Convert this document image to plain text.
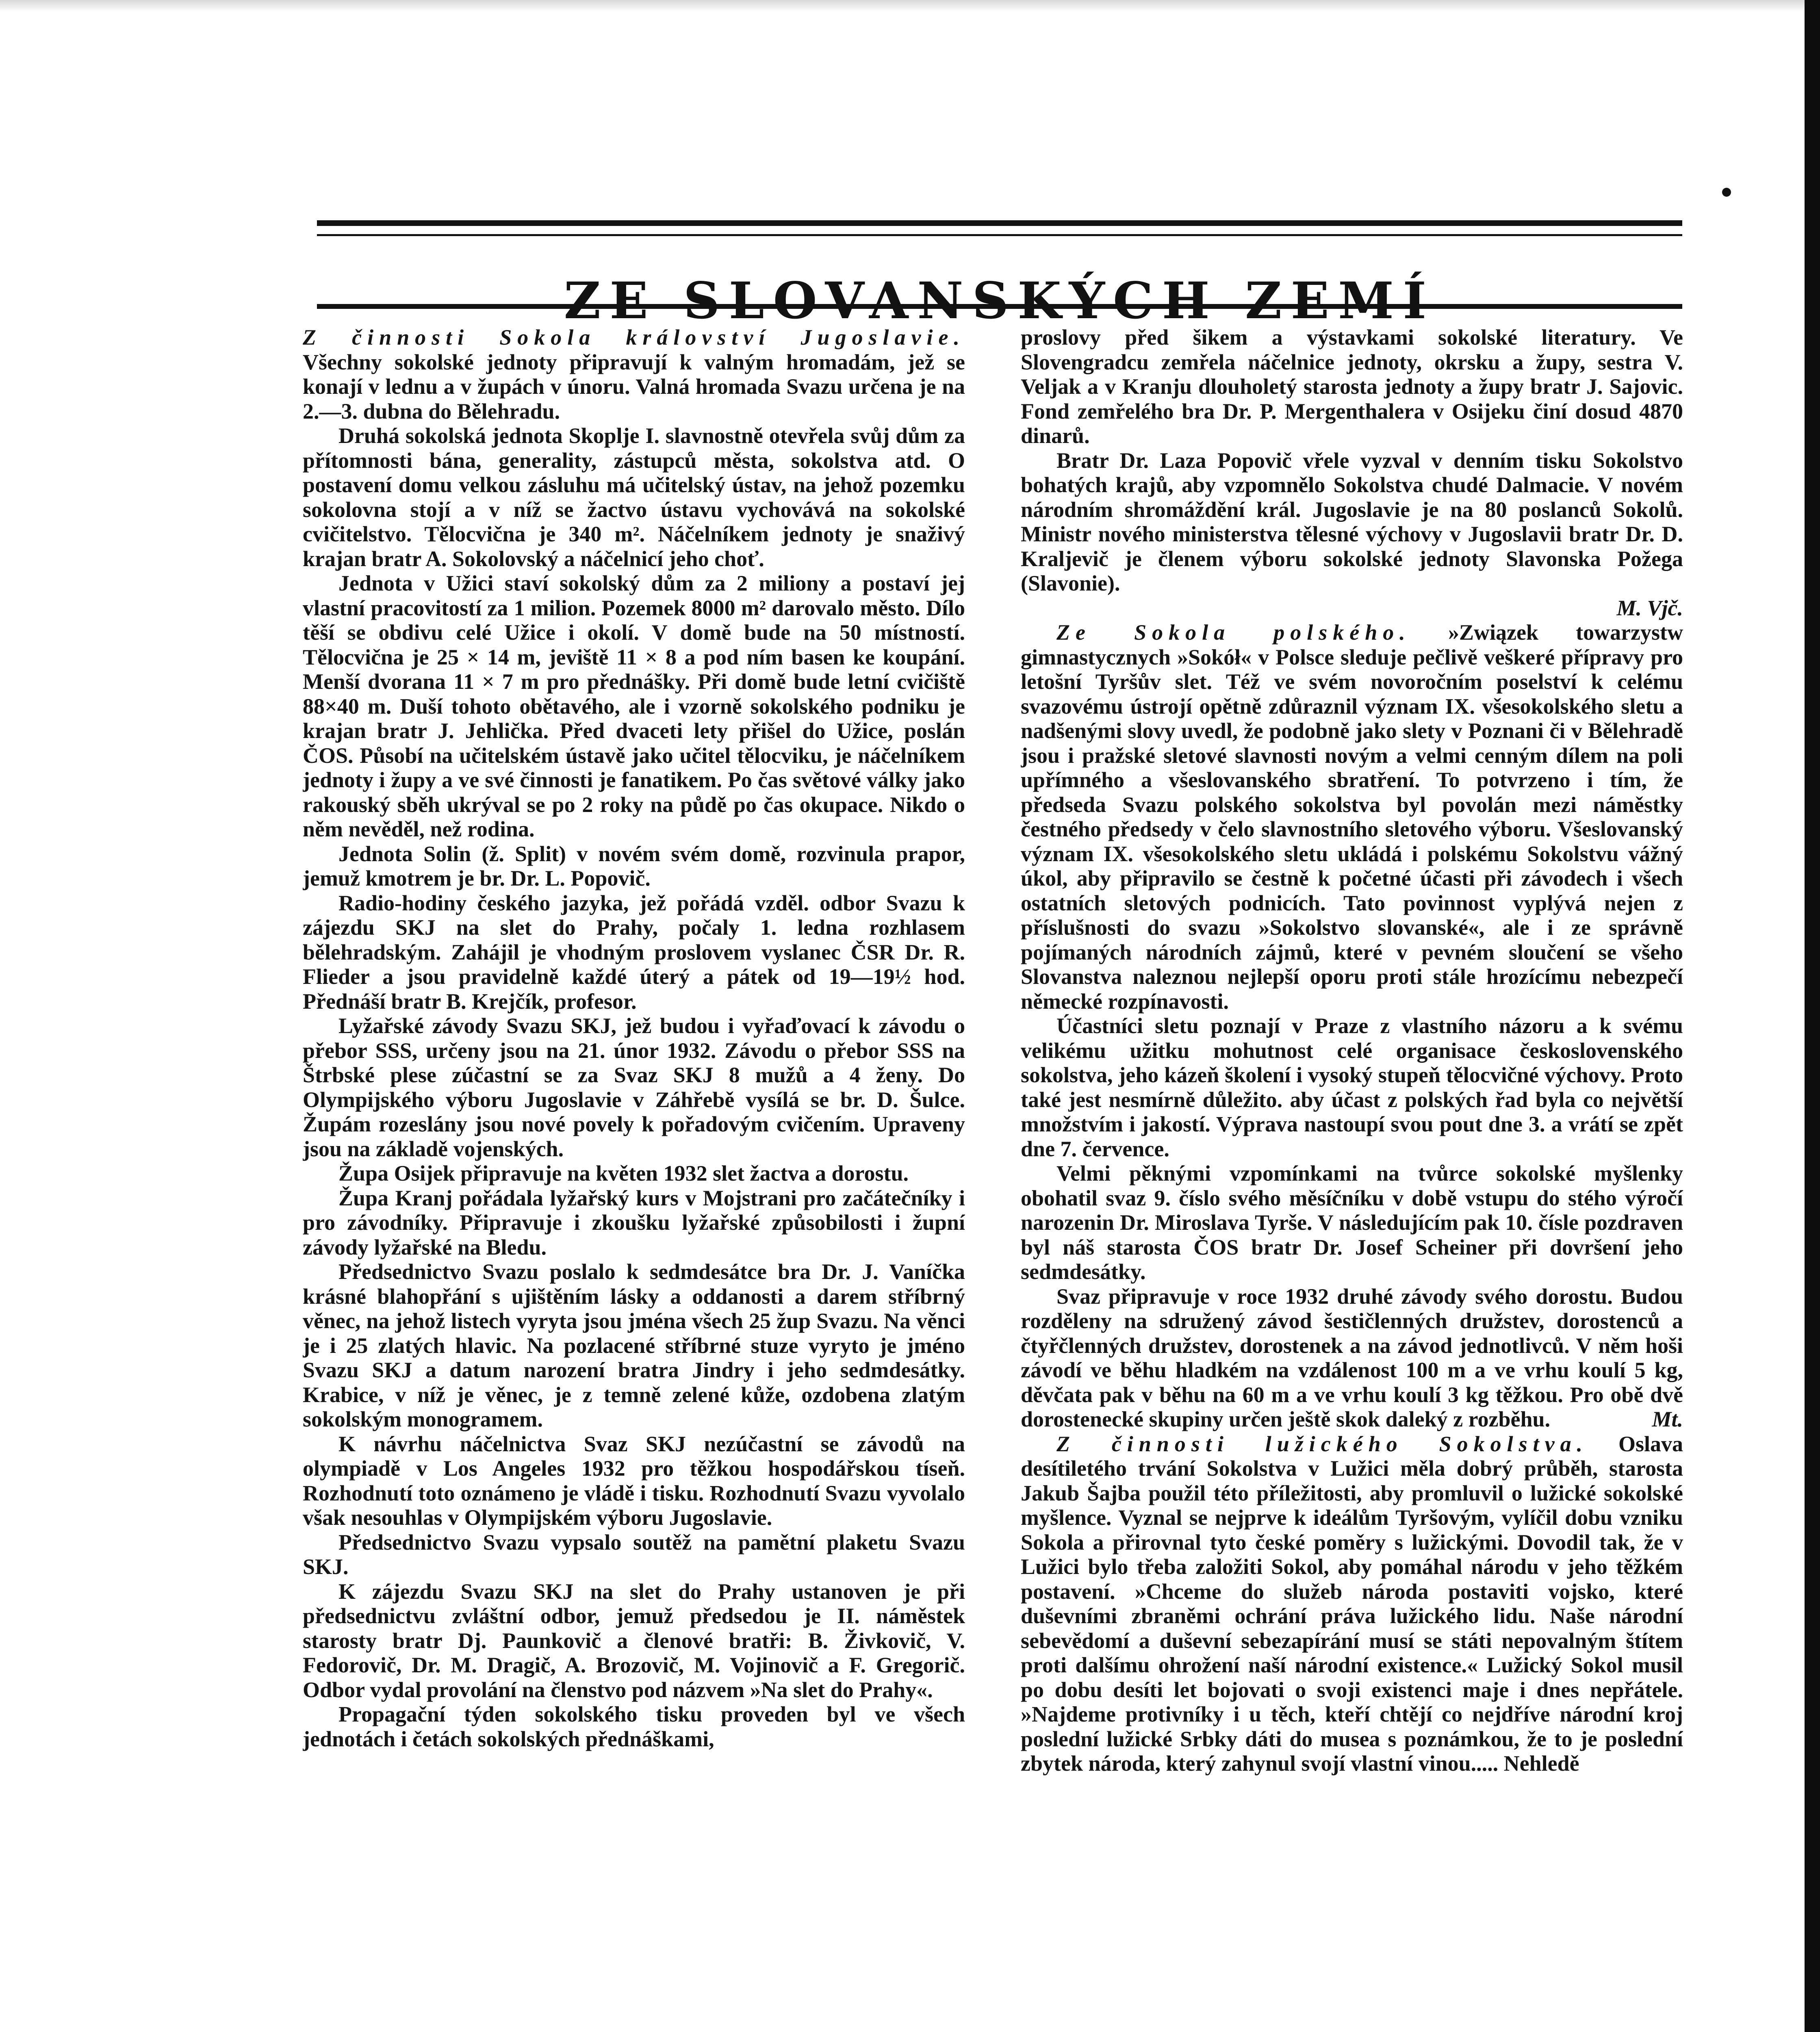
ZE SLOVANSKÝCH ZEMÍ

Z činnosti Sokola království Jugoslavie. Všechny sokolské jednoty připravují k valným hromadám, jež se konají v lednu a v župách v únoru. Valná hromada Svazu určena je na 2.—3. dubna do Bělehradu.

Druhá sokolská jednota Skoplje I. slavnostně otevřela svůj dům za přítomnosti bána, generality, zástupců města, sokolstva atd. O postavení domu velkou zásluhu má učitelský ústav, na jehož pozemku sokolovna stojí a v níž se žactvo ústavu vychovává na sokolské cvičitelstvo. Tělocvična je 340 m². Náčelníkem jednoty je snaživý krajan bratr A. Sokolovský a náčelnicí jeho choť.

Jednota v Užici staví sokolský dům za 2 miliony a postaví jej vlastní pracovitostí za 1 milion. Pozemek 8000 m² darovalo město. Dílo těší se obdivu celé Užice i okolí. V domě bude na 50 místností. Tělocvična je 25 × 14 m, jeviště 11 × 8 a pod ním basen ke koupání. Menší dvorana 11 × 7 m pro přednášky. Při domě bude letní cvičiště 88×40 m. Duší tohoto obětavého, ale i vzorně sokolského podniku je krajan bratr J. Jehlička. Před dvaceti lety přišel do Užice, poslán ČOS. Působí na učitelském ústavě jako učitel tělocviku, je náčelníkem jednoty i župy a ve své činnosti je fanatikem. Po čas světové války jako rakouský sběh ukrýval se po 2 roky na půdě po čas okupace. Nikdo o něm nevěděl, než rodina.

Jednota Solin (ž. Split) v novém svém domě, rozvinula prapor, jemuž kmotrem je br. Dr. L. Popovič.

Radio-hodiny českého jazyka, jež pořádá vzděl. odbor Svazu k zájezdu SKJ na slet do Prahy, počaly 1. ledna rozhlasem bělehradským. Zahájil je vhodným proslovem vyslanec ČSR Dr. R. Flieder a jsou pravidelně každé úterý a pátek od 19—19½ hod. Přednáší bratr B. Krejčík, profesor.

Lyžařské závody Svazu SKJ, jež budou i vyřaďovací k závodu o přebor SSS, určeny jsou na 21. únor 1932. Závodu o přebor SSS na Štrbské plese zúčastní se za Svaz SKJ 8 mužů a 4 ženy. Do Olympijského výboru Jugoslavie v Záhřebě vysílá se br. D. Šulce. Župám rozeslány jsou nové povely k pořadovým cvičením. Upraveny jsou na základě vojenských.

Župa Osijek připravuje na květen 1932 slet žactva a dorostu.

Župa Kranj pořádala lyžařský kurs v Mojstrani pro začátečníky i pro závodníky. Připravuje i zkoušku lyžařské způsobilosti i župní závody lyžařské na Bledu.

Předsednictvo Svazu poslalo k sedmdesátce bra Dr. J. Vaníčka krásné blahopřání s ujištěním lásky a oddanosti a darem stříbrný věnec, na jehož listech vyryta jsou jména všech 25 žup Svazu. Na věnci je i 25 zlatých hlavic. Na pozlacené stříbrné stuze vyryto je jméno Svazu SKJ a datum narození bratra Jindry i jeho sedmdesátky. Krabice, v níž je věnec, je z temně zelené kůže, ozdobena zlatým sokolským monogramem.

K návrhu náčelnictva Svaz SKJ nezúčastní se závodů na olympiadě v Los Angeles 1932 pro těžkou hospodářskou tíseň. Rozhodnutí toto oznámeno je vládě i tisku. Rozhodnutí Svazu vyvolalo však nesouhlas v Olympijském výboru Jugoslavie.

Předsednictvo Svazu vypsalo soutěž na pamětní plaketu Svazu SKJ.

K zájezdu Svazu SKJ na slet do Prahy ustanoven je při předsednictvu zvláštní odbor, jemuž předsedou je II. náměstek starosty bratr Dj. Paunkovič a členové bratři: B. Živkovič, V. Fedorovič, Dr. M. Dragič, A. Brozovič, M. Vojinovič a F. Gregorič. Odbor vydal provolání na členstvo pod názvem »Na slet do Prahy«.

Propagační týden sokolského tisku proveden byl ve všech jednotách i četách sokolských přednáškami,

proslovy před šikem a výstavkami sokolské literatury. Ve Slovengradcu zemřela náčelnice jednoty, okrsku a župy, sestra V. Veljak a v Kranju dlouholetý starosta jednoty a župy bratr J. Sajovic. Fond zemřelého bra Dr. P. Mergenthalera v Osijeku činí dosud 4870 dinarů.

Bratr Dr. Laza Popovič vřele vyzval v denním tisku Sokolstvo bohatých krajů, aby vzpomnělo Sokolstva chudé Dalmacie. V novém národním shromáždění král. Jugoslavie je na 80 poslanců Sokolů. Ministr nového ministerstva tělesné výchovy v Jugoslavii bratr Dr. D. Kraljevič je členem výboru sokolské jednoty Slavonska Požega (Slavonie).
M. Vjč.

Ze Sokola polského. »Związek towarzystw gimnastycznych »Sokół« v Polsce sleduje pečlivě veškeré přípravy pro letošní Tyršův slet. Též ve svém novoročním poselství k celému svazovému ústrojí opětně zdůraznil význam IX. všesokolského sletu a nadšenými slovy uvedl, že podobně jako slety v Poznani či v Bělehradě jsou i pražské sletové slavnosti novým a velmi cenným dílem na poli upřímného a všeslovanského sbratření. To potvrzeno i tím, že předseda Svazu polského sokolstva byl povolán mezi náměstky čestného předsedy v čelo slavnostního sletového výboru. Všeslovanský význam IX. všesokolského sletu ukládá i polskému Sokolstvu vážný úkol, aby připravilo se čestně k početné účasti při závodech i všech ostatních sletových podnicích. Tato povinnost vyplývá nejen z příslušnosti do svazu »Sokolstvo slovanské«, ale i ze správně pojímaných národních zájmů, které v pevném sloučení se všeho Slovanstva naleznou nejlepší oporu proti stále hrozícímu nebezpečí německé rozpínavosti.

Účastníci sletu poznají v Praze z vlastního názoru a k svému velikému užitku mohutnost celé organisace československého sokolstva, jeho kázeň školení i vysoký stupeň tělocvičné výchovy. Proto také jest nesmírně důležito. aby účast z polských řad byla co největší množstvím i jakostí. Výprava nastoupí svou pout dne 3. a vrátí se zpět dne 7. července.

Velmi pěknými vzpomínkami na tvůrce sokolské myšlenky obohatil svaz 9. číslo svého měsíčníku v době vstupu do stého výročí narozenin Dr. Miroslava Tyrše. V následujícím pak 10. čísle pozdraven byl náš starosta ČOS bratr Dr. Josef Scheiner při dovršení jeho sedmdesátky.

Svaz připravuje v roce 1932 druhé závody svého dorostu. Budou rozděleny na sdružený závod šestičlenných družstev, dorostenců a čtyřčlenných družstev, dorostenek a na závod jednotlivců. V něm hoši závodí ve běhu hladkém na vzdálenost 100 m a ve vrhu koulí 5 kg, děvčata pak v běhu na 60 m a ve vrhu koulí 3 kg těžkou. Pro obě dvě dorostenecké skupiny určen ještě skok daleký z rozběhu.	Mt.

Z činnosti lužického Sokolstva. Oslava desítiletého trvání Sokolstva v Lužici měla dobrý průběh, starosta Jakub Šajba použil této příležitosti, aby promluvil o lužické sokolské myšlence. Vyznal se nejprve k ideálům Tyršovým, vylíčil dobu vzniku Sokola a přirovnal tyto české poměry s lužickými. Dovodil tak, že v Lužici bylo třeba založiti Sokol, aby pomáhal národu v jeho těžkém postavení. »Chceme do služeb národa postaviti vojsko, které duševními zbraněmi ochrání práva lužického lidu. Naše národní sebevědomí a duševní sebezapírání musí se státi nepovalným štítem proti dalšímu ohrožení naší národní existence.« Lužický Sokol musil po dobu desíti let bojovati o svoji existenci maje i dnes nepřátele. »Najdeme protivníky i u těch, kteří chtějí co nejdříve národní kroj poslední lužické Srbky dáti do musea s poznámkou, že to je poslední zbytek národa, který zahynul svojí vlastní vinou..... Nehledě
